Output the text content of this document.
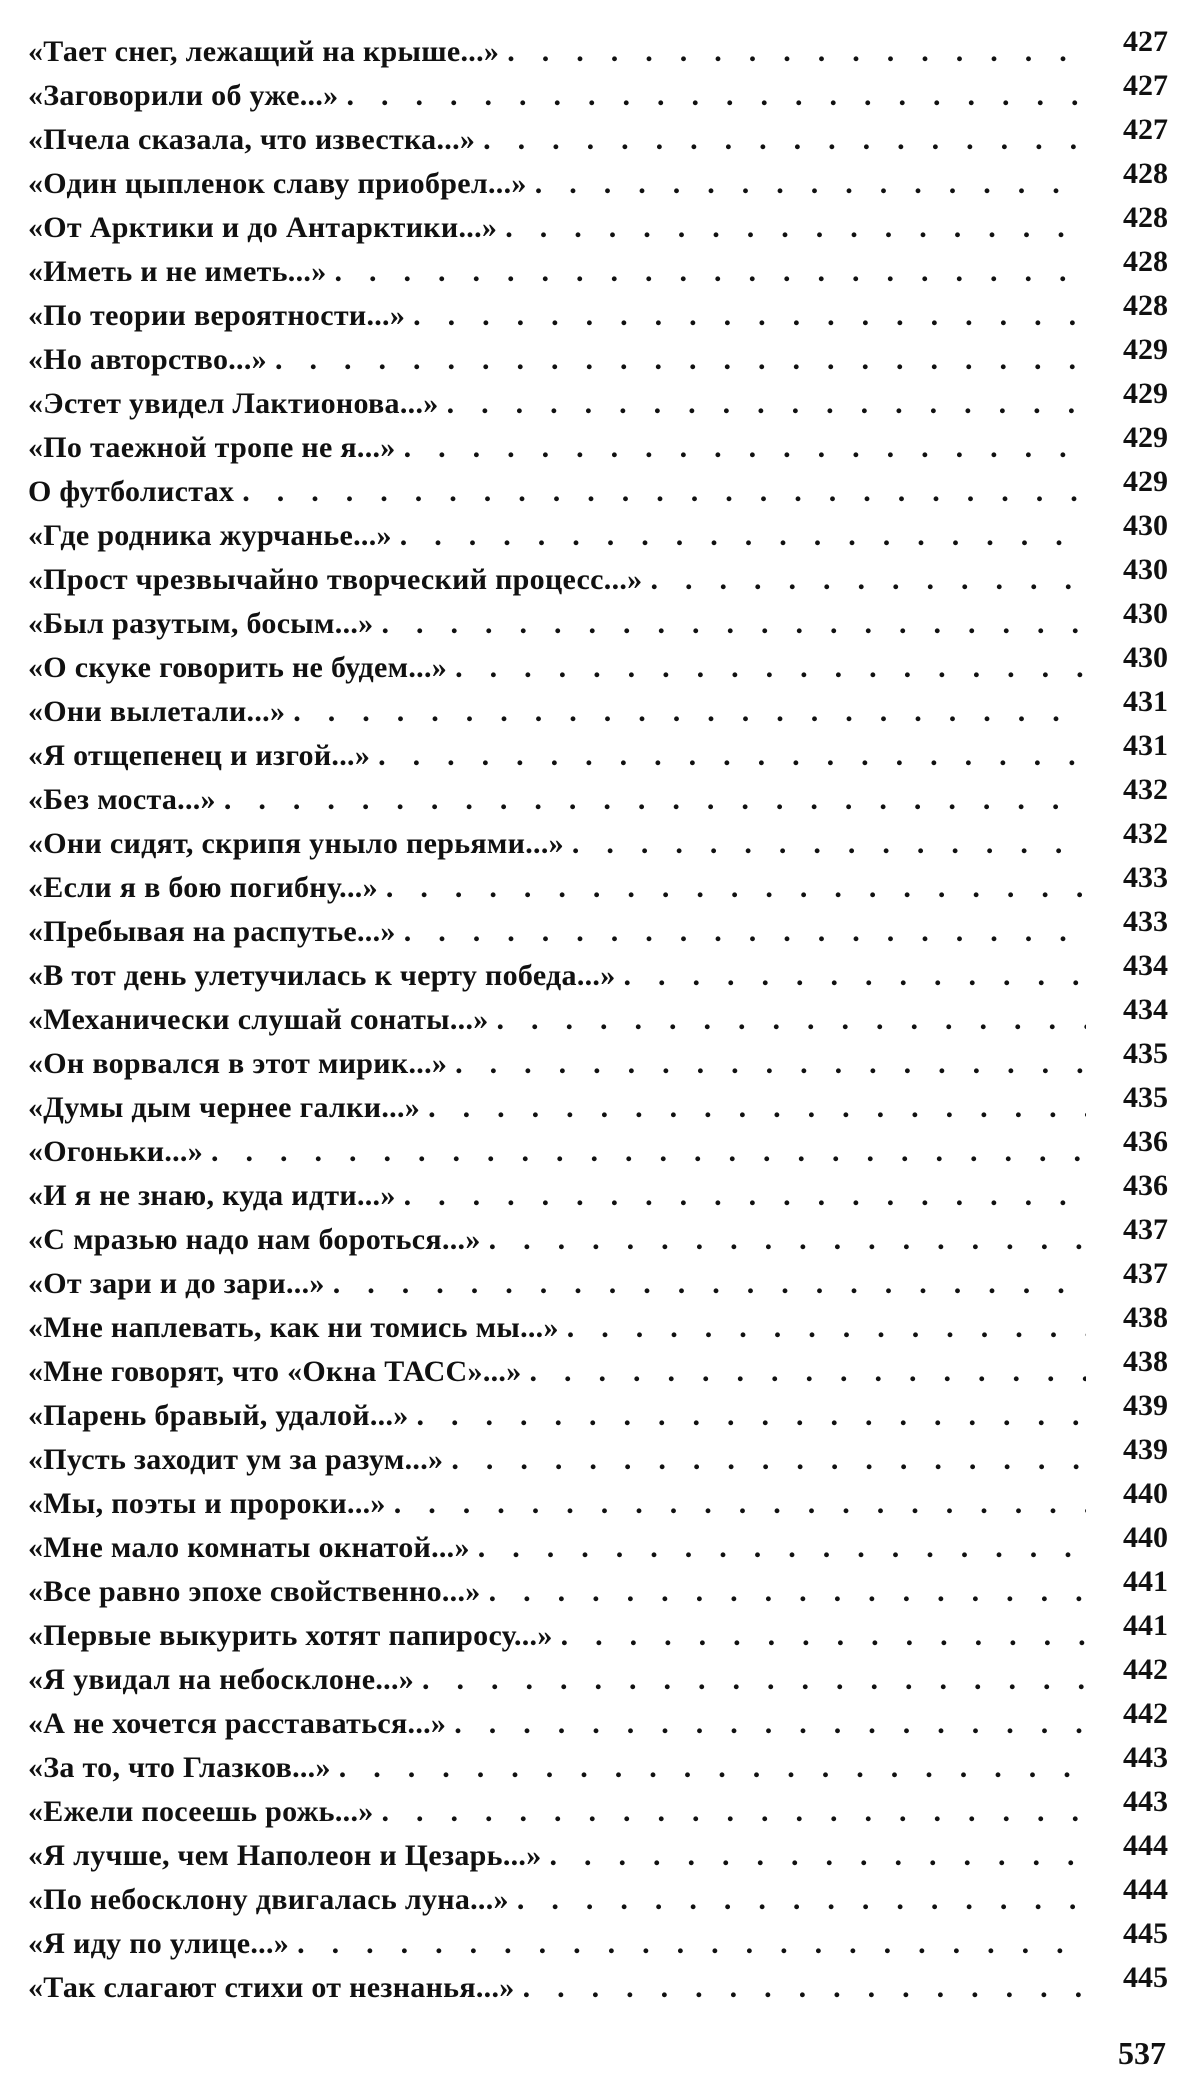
«Тает снег, лежащий на крыше...» . .	427
«Заговорили об уже...» . .	427
«Пчела сказала, что известка...» . .	427
«Один цыпленок славу приобрел...» . .	428
«От Арктики и до Антарктики...» . .	428
«Иметь и не иметь...» . .	428
«По теории вероятности...» . .	428
«Но авторство...» . .	429
«Эстет увидел Лактионова...» . .	429
«По таежной тропе не я...» . .	429
О футболистах . .	429
«Где родника журчанье...» . .	430
«Прост чрезвычайно творческий процесс...» . .	430
«Был разутым, босым...» . .	430
«О скуке говорить не будем...» . .	430
«Они вылетали...» . .	431
«Я отщепенец и изгой...» . .	431
«Без моста...» . .	432
«Они сидят, скрипя уныло перьями...» . .	432
«Если я в бою погибну...» . .	433
«Пребывая на распутье...» . .	433
«В тот день улетучилась к черту победа...» . .	434
«Механически слушай сонаты...» . .	434
«Он ворвался в этот мирик...» . .	435
«Думы дым чернее галки...» . .	435
«Огоньки...» . .	436
«И я не знаю, куда идти...» . .	436
«С мразью надо нам бороться...» . .	437
«От зари и до зари...» . .	437
«Мне наплевать, как ни томись мы...» . .	438
«Мне говорят, что «Окна ТАСС»...» . .	438
«Парень бравый, удалой...» . .	439
«Пусть заходит ум за разум...» . .	439
«Мы, поэты и пророки...» . .	440
«Мне мало комнаты окнатой...» . .	440
«Все равно эпохе свойственно...» . .	441
«Первые выкурить хотят папиросу...» . .	441
«Я увидал на небосклоне...» . .	442
«А не хочется расставаться...» . .	442
«За то, что Глазков...» . .	443
«Ежели посеешь рожь...» . .	443
«Я лучше, чем Наполеон и Цезарь...» . .	444
«По небосклону двигалась луна...» . .	444
«Я иду по улице...» . .	445
«Так слагают стихи от незнанья...» . .	445
537
